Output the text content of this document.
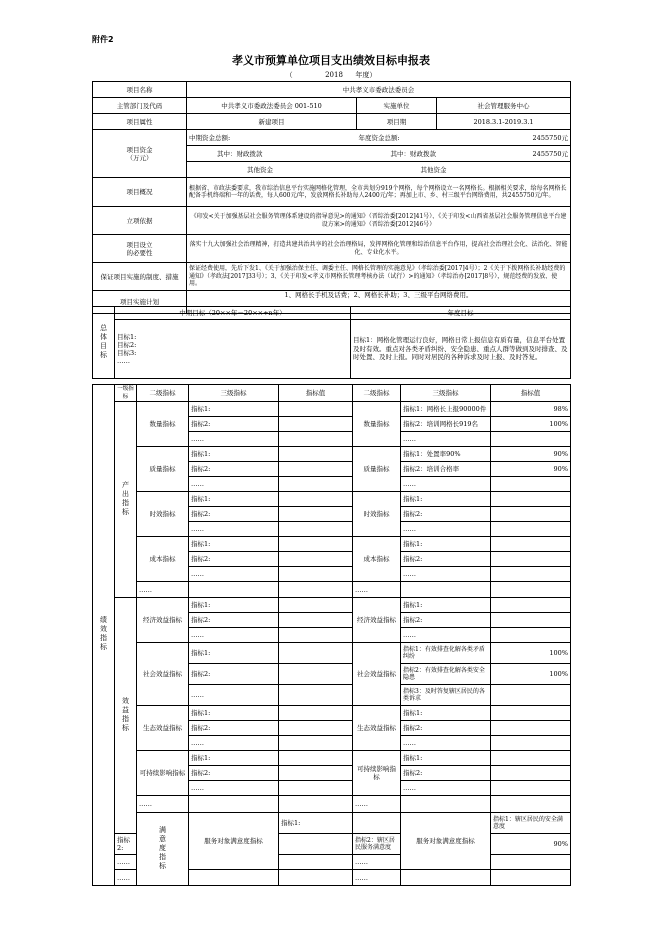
附件2
孝义市预算单位项目支出绩效目标申报表
（	2018 年度）
项目名称	中共孝义市委政法委员会		
主管部门及代码	中共孝义市委政法委员会 001-510	实施单位	社会管理服务中心
项目属性	新建项目	项目期	2018.3.1-2019.3.1
项目资金
（万元）	中期资金总额:	年度资金总额: 2455750元	

	其中：财政拨款	其中：财政拨款 2455750元	

	其他资金	其他资金	
项目概况	根据省、市政法委要求，我市综治信息平台实施网格化管理，全市共划分919个网格，每个网格设立一名网格长。根据相关要求，给每名网格长配备手机终端和一年的话费，每人600元/年，发放网格长补助每人2400元/年；再加上市、乡、村三级平台网络费用，共2455750元/年。		
立项依据	《印发<关于加强基层社会服务管理体系建设的指导意见>的通知》（晋综治委[2012]41号）、《关于印发<山西省基层社会服务管理信息平台建设方案>的通知》（晋综治委[2012]46号）		
项目设立
的必要性	落实十九大加强社会治理精神，打造共建共治共享的社会治理格局，发挥网格化管理和综治信息平台作用，提高社会治理社会化、法治化、智能化、专业化水平。		
保证项目实施的制度、措施	保证经费使用，先后下发1、《关于加强治保主任、调委主任、网格长管理的实施意见》（孝综治委[2017]4号）；2《关于下拨网格长补助经费的通知》（孝政法[2017]33号）；3、《关于印发<孝义市网格长管理考核办法（试行）>的通知》（孝综治办[2017]8号），规范经费的发放、使用。		
项目实施计划	1、网格长手机及话费；2、网格长补助；3、三级平台网络费用。		
总体目标	中期目标（20××年－20××+n年）	年度目标

	目标1:
目标2:
目标3:
……	目标1：网格化管理运行良好，网格日常上报信息有质有量，信息平台处置及时有效。重点对各类矛盾纠纷、安全隐患、重点人群等做到及时排查、及时处置、及时上报。同时对居民的各种诉求及时上报、及时答复。
绩效指标	一级指标	二级指标	三级指标	指标值	二级指标	三级指标	指标值	
	产出指标	数量指标	指标1:		数量指标	指标1：网格长上报90000件	98%	
			指标2:			指标2：培训网格长919名	100%	
			……			……		
		质量指标	指标1:		质量指标	指标1：处置率90%	90%	
			指标2:			指标2：培训合格率	90%	
			……			……		
		时效指标	指标1:		时效指标	指标1:		
			指标2:			指标2:		
			……			……		
		成本指标	指标1:		成本指标	指标1:		
			指标2:			指标2:		
			……			……		
		……			……			
	效益指标	经济效益指标	指标1:		经济效益指标	指标1:		
			指标2:			指标2:		
			……			……		
		社会效益指标	指标1:		社会效益指标	指标1：有效排查化解各类矛盾纠纷	100%	
			指标2:			指标2：有效排查化解各类安全隐患	100%	
			……			指标3：及时答复辖区居民的各类诉求		
		生态效益指标	指标1:		生态效益指标	指标1:		
			指标2:			指标2:		
			……			……		
		可持续影响指标	指标1:		可持续影响指标	指标1:		
			指标2:			指标2:		
			……			……		
		……			……			
		满意度指标	服务对象满意度指标	指标1:		服务对象满意度指标	指标1：辖区居民的安全满意度	
	指标2:				指标2：辖区居民服务满意度		90%	
	……				……			
	……				……			
